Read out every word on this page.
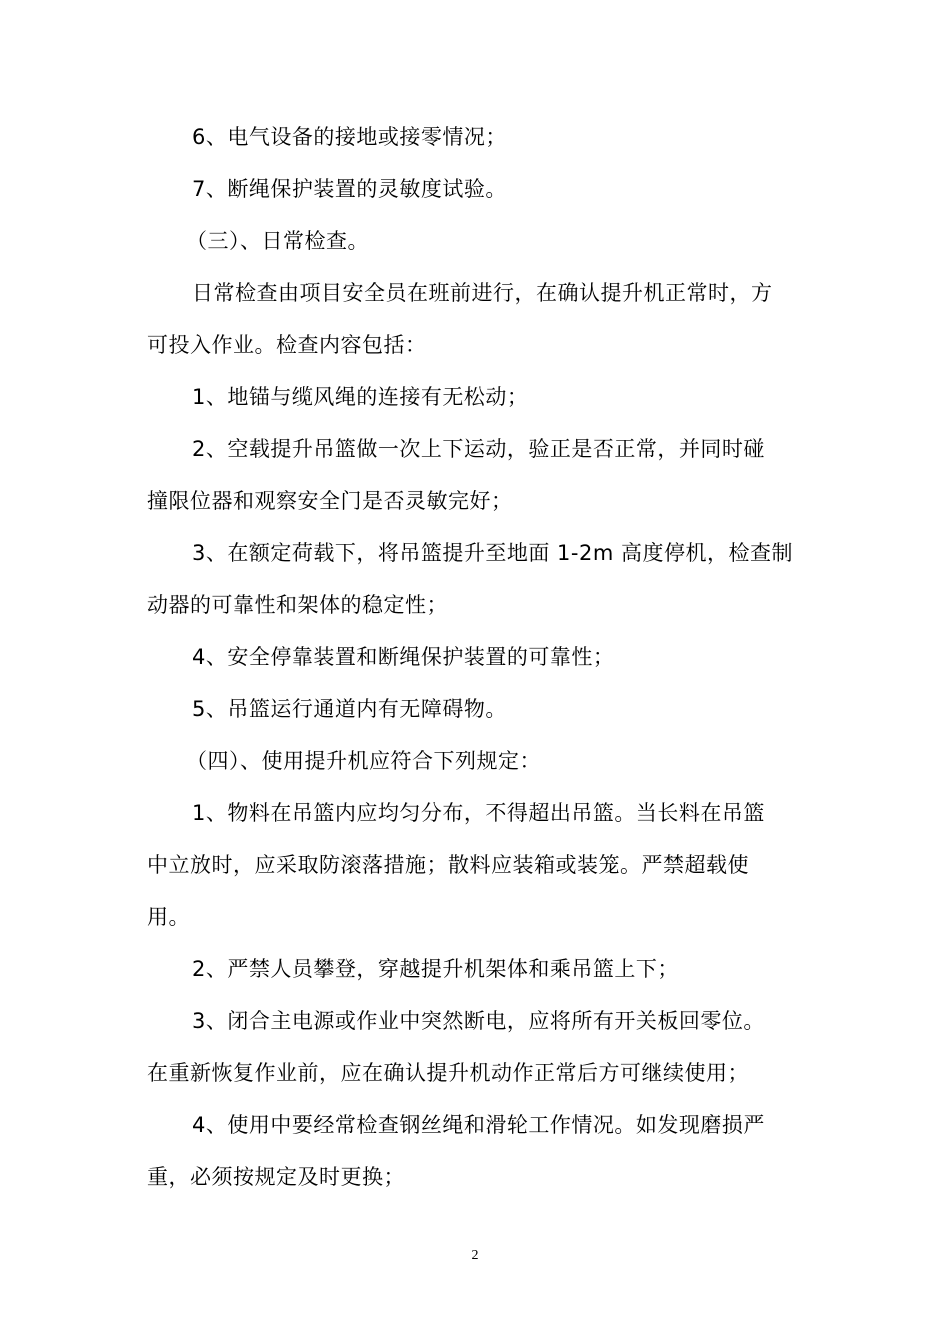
6、电气设备的接地或接零情况；
7、断绳保护装置的灵敏度试验。
（三）、日常检查。
日常检查由项目安全员在班前进行，在确认提升机正常时，方
可投入作业。检查内容包括：
1、地锚与缆风绳的连接有无松动；
2、空载提升吊篮做一次上下运动，验正是否正常，并同时碰
撞限位器和观察安全门是否灵敏完好；
3、在额定荷载下，将吊篮提升至地面 1-2m 高度停机，检查制
动器的可靠性和架体的稳定性；
4、安全停靠装置和断绳保护装置的可靠性；
5、吊篮运行通道内有无障碍物。
（四）、使用提升机应符合下列规定：
1、物料在吊篮内应均匀分布，不得超出吊篮。当长料在吊篮
中立放时，应采取防滚落措施；散料应装箱或装笼。严禁超载使
用。
2、严禁人员攀登，穿越提升机架体和乘吊篮上下；
3、闭合主电源或作业中突然断电，应将所有开关板回零位。
在重新恢复作业前，应在确认提升机动作正常后方可继续使用；
4、使用中要经常检查钢丝绳和滑轮工作情况。如发现磨损严
重，必须按规定及时更换；
2
